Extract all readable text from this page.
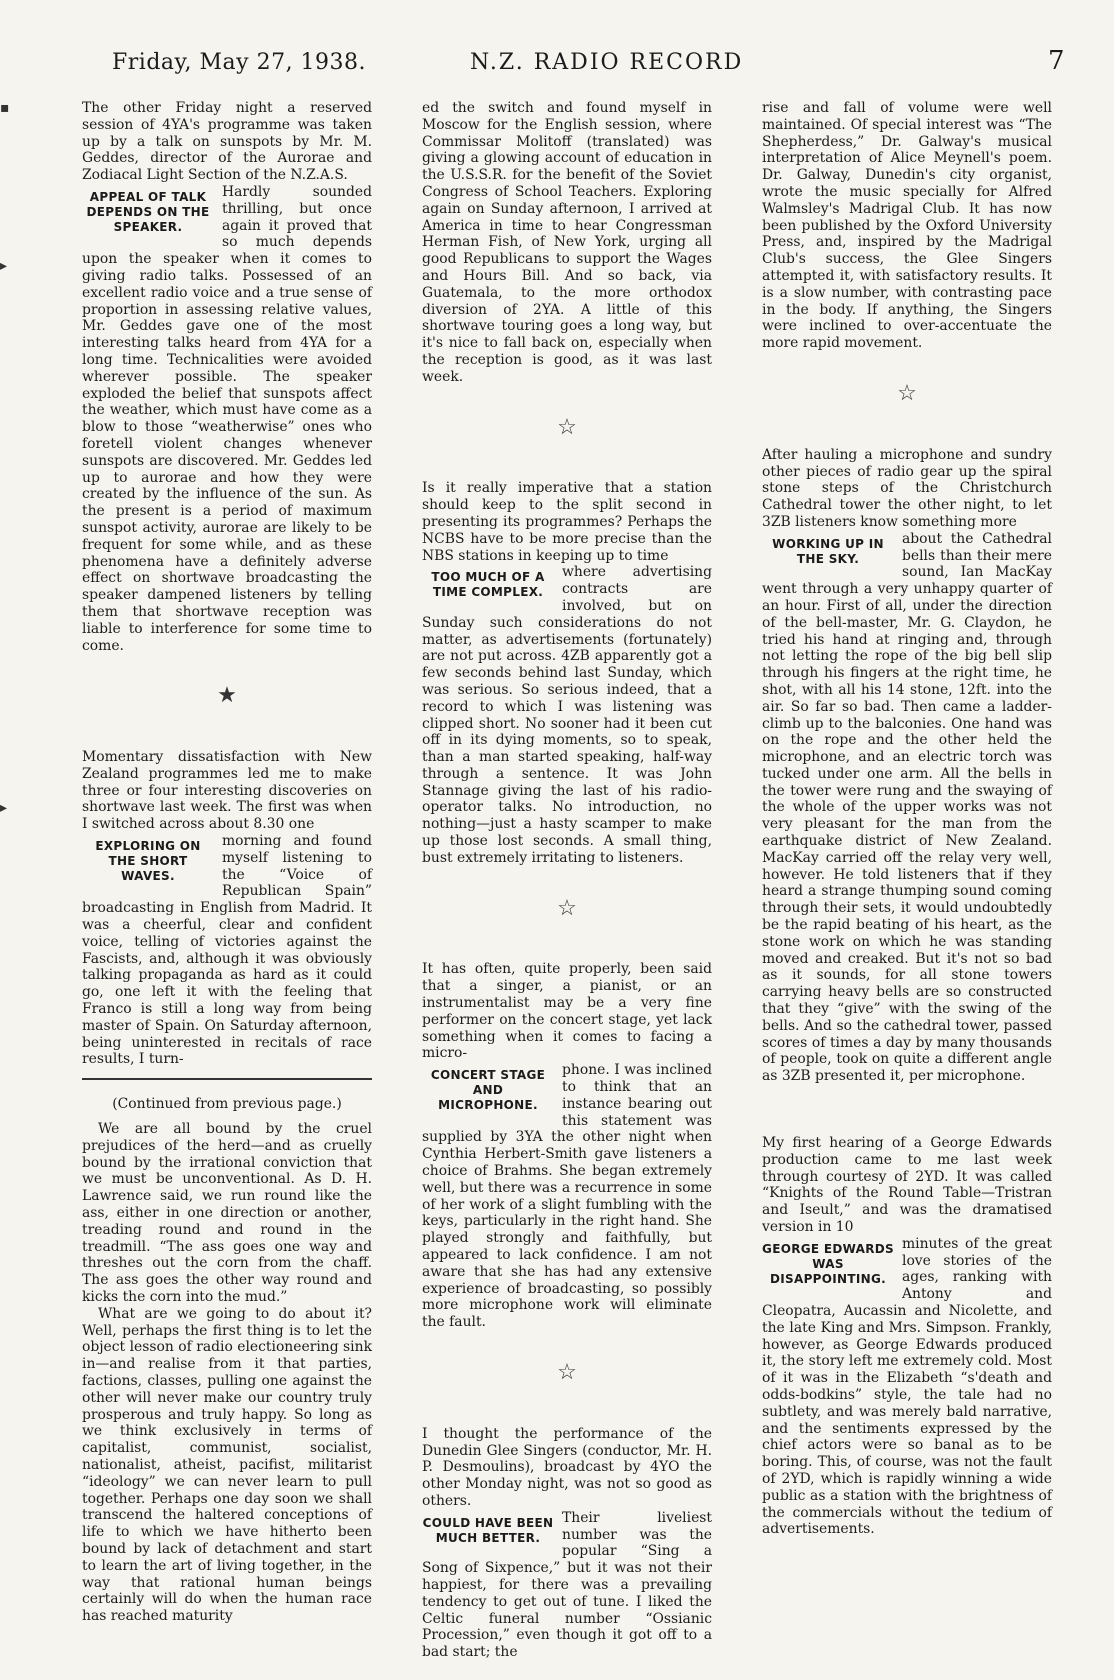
Friday, May 27, 1938.	N.Z. RADIO RECORD	7
▪
▸
▸

The other Friday night a reserved session of 4YA's programme was taken up by a talk on sunspots by Mr. M. Geddes, director of the Aurorae and Zodiacal Light Section of the N.Z.A.S.

APPEAL OF TALK DEPENDS ON THE SPEAKER.
Hardly sounded thrilling, but once again it proved that so much depends upon the speaker when it comes to giving radio talks. Possessed of an excellent radio voice and a true sense of proportion in assessing relative values, Mr. Geddes gave one of the most interesting talks heard from 4YA for a long time. Technicalities were avoided wherever possible. The speaker exploded the belief that sunspots affect the weather, which must have come as a blow to those “weatherwise” ones who foretell violent changes whenever sunspots are discovered. Mr. Geddes led up to aurorae and how they were created by the influence of the sun. As the present is a period of maximum sunspot activity, aurorae are likely to be frequent for some while, and as these phenomena have a definitely adverse effect on shortwave broadcasting the speaker dampened listeners by telling them that shortwave reception was liable to interference for some time to come.

★

Momentary dissatisfaction with New Zealand programmes led me to make three or four interesting discoveries on shortwave last week. The first was when I switched across about 8.30 one

EXPLORING ON THE SHORT WAVES.
morning and found myself listening to the “Voice of Republican Spain” broadcasting in English from Madrid. It was a cheerful, clear and confident voice, telling of victories against the Fascists, and, although it was obviously talking propaganda as hard as it could go, one left it with the feeling that Franco is still a long way from being master of Spain. On Saturday afternoon, being uninterested in recitals of race results, I turn-

(Continued from previous page.)

We are all bound by the cruel prejudices of the herd—and as cruelly bound by the irrational conviction that we must be unconventional. As D. H. Lawrence said, we run round like the ass, either in one direction or another, treading round and round in the treadmill. “The ass goes one way and threshes out the corn from the chaff. The ass goes the other way round and kicks the corn into the mud.”

What are we going to do about it? Well, perhaps the first thing is to let the object lesson of radio electioneering sink in—and realise from it that parties, factions, classes, pulling one against the other will never make our country truly prosperous and truly happy. So long as we think exclusively in terms of capitalist, communist, socialist, nationalist, atheist, pacifist, militarist “ideology” we can never learn to pull together. Perhaps one day soon we shall transcend the haltered conceptions of life to which we have hitherto been bound by lack of detachment and start to learn the art of living together, in the way that rational human beings certainly will do when the human race has reached maturity

ed the switch and found myself in Moscow for the English session, where Commissar Molitoff (translated) was giving a glowing account of education in the U.S.S.R. for the benefit of the Soviet Congress of School Teachers. Exploring again on Sunday afternoon, I arrived at America in time to hear Congressman Herman Fish, of New York, urging all good Republicans to support the Wages and Hours Bill. And so back, via Guatemala, to the more orthodox diversion of 2YA. A little of this shortwave touring goes a long way, but it's nice to fall back on, especially when the reception is good, as it was last week.

☆

Is it really imperative that a station should keep to the split second in presenting its programmes? Perhaps the NCBS have to be more precise than the NBS stations in keeping up to time

TOO MUCH OF A TIME COMPLEX.
where advertising contracts are involved, but on Sunday such considerations do not matter, as advertisements (fortunately) are not put across. 4ZB apparently got a few seconds behind last Sunday, which was serious. So serious indeed, that a record to which I was listening was clipped short. No sooner had it been cut off in its dying moments, so to speak, than a man started speaking, half-way through a sentence. It was John Stannage giving the last of his radio-operator talks. No introduction, no nothing—just a hasty scamper to make up those lost seconds. A small thing, bust extremely irritating to listeners.

☆

It has often, quite properly, been said that a singer, a pianist, or an instrumentalist may be a very fine performer on the concert stage, yet lack something when it comes to facing a micro-

CONCERT STAGE AND MICROPHONE.
phone. I was inclined to think that an instance bearing out this statement was supplied by 3YA the other night when Cynthia Herbert-Smith gave listeners a choice of Brahms. She began extremely well, but there was a recurrence in some of her work of a slight fumbling with the keys, particularly in the right hand. She played strongly and faithfully, but appeared to lack confidence. I am not aware that she has had any extensive experience of broadcasting, so possibly more microphone work will eliminate the fault.

☆

I thought the performance of the Dunedin Glee Singers (conductor, Mr. H. P. Desmoulins), broadcast by 4YO the other Monday night, was not so good as others.

COULD HAVE BEEN MUCH BETTER.
Their liveliest number was the popular “Sing a Song of Sixpence,” but it was not their happiest, for there was a prevailing tendency to get out of tune. I liked the Celtic funeral number “Ossianic Procession,” even though it got off to a bad start; the

rise and fall of volume were well maintained. Of special interest was “The Shepherdess,” Dr. Galway's musical interpretation of Alice Meynell's poem. Dr. Galway, Dunedin's city organist, wrote the music specially for Alfred Walmsley's Madrigal Club. It has now been published by the Oxford University Press, and, inspired by the Madrigal Club's success, the Glee Singers attempted it, with satisfactory results. It is a slow number, with contrasting pace in the body. If anything, the Singers were inclined to over-accentuate the more rapid movement.

☆

After hauling a microphone and sundry other pieces of radio gear up the spiral stone steps of the Christchurch Cathedral tower the other night, to let 3ZB listeners know something more

WORKING UP IN THE SKY.
about the Cathedral bells than their mere sound, Ian MacKay went through a very unhappy quarter of an hour. First of all, under the direction of the bell-master, Mr. G. Claydon, he tried his hand at ringing and, through not letting the rope of the big bell slip through his fingers at the right time, he shot, with all his 14 stone, 12ft. into the air. So far so bad. Then came a ladder-climb up to the balconies. One hand was on the rope and the other held the microphone, and an electric torch was tucked under one arm. All the bells in the tower were rung and the swaying of the whole of the upper works was not very pleasant for the man from the earthquake district of New Zealand. MacKay carried off the relay very well, however. He told listeners that if they heard a strange thumping sound coming through their sets, it would undoubtedly be the rapid beating of his heart, as the stone work on which he was standing moved and creaked. But it's not so bad as it sounds, for all stone towers carrying heavy bells are so constructed that they “give” with the swing of the bells. And so the cathedral tower, passed scores of times a day by many thousands of people, took on quite a different angle as 3ZB presented it, per microphone.

My first hearing of a George Edwards production came to me last week through courtesy of 2YD. It was called “Knights of the Round Table—Tristran and Iseult,” and was the dramatised version in 10

GEORGE EDWARDS WAS DISAPPOINTING.
minutes of the great love stories of the ages, ranking with Antony and Cleopatra, Aucassin and Nicolette, and the late King and Mrs. Simpson. Frankly, however, as George Edwards produced it, the story left me extremely cold. Most of it was in the Elizabeth “s'death and odds-bodkins” style, the tale had no subtlety, and was merely bald narrative, and the sentiments expressed by the chief actors were so banal as to be boring. This, of course, was not the fault of 2YD, which is rapidly winning a wide public as a station with the brightness of the commercials without the tedium of advertisements.
